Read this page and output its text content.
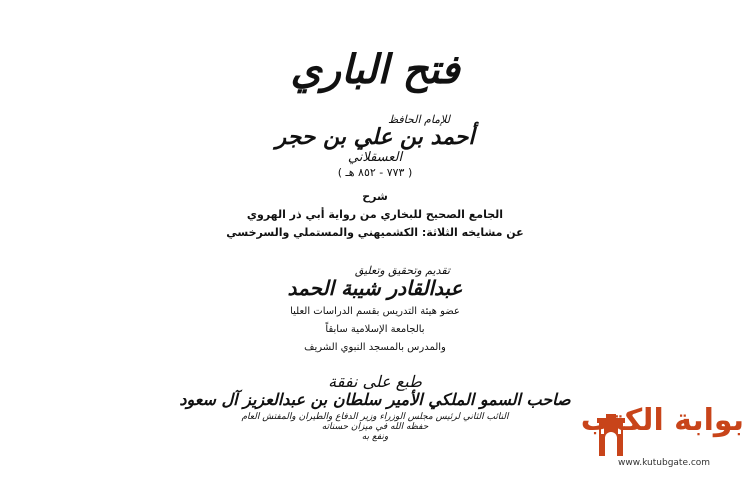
فتح الباري
للإمام الحافظ
أحمد بن علي بن حجر
العسقلاني
( ٧٧٣ - ٨٥٢ هـ )
شرح
الجامع الصحيح للبخاري من رواية أبي ذر الهروي
عن مشايخه الثلاثة: الكشميهني والمستملي والسرخسي
تقديم وتحقيق وتعليق
عبدالقادر شيبة الحمد
عضو هيئة التدريس بقسم الدراسات العليا
بالجامعة الإسلامية سابقاً
والمدرس بالمسجد النبوي الشريف
طبع على نفقة
صاحب السمو الملكي الأمير سلطان بن عبدالعزيز آل سعود
النائب الثاني لرئيس مجلس الوزراء وزير الدفاع والطيران والمفتش العام
حفظه الله في ميزان حسناته
ونفع به	بوابة الكتب
www.kutubgate.com
